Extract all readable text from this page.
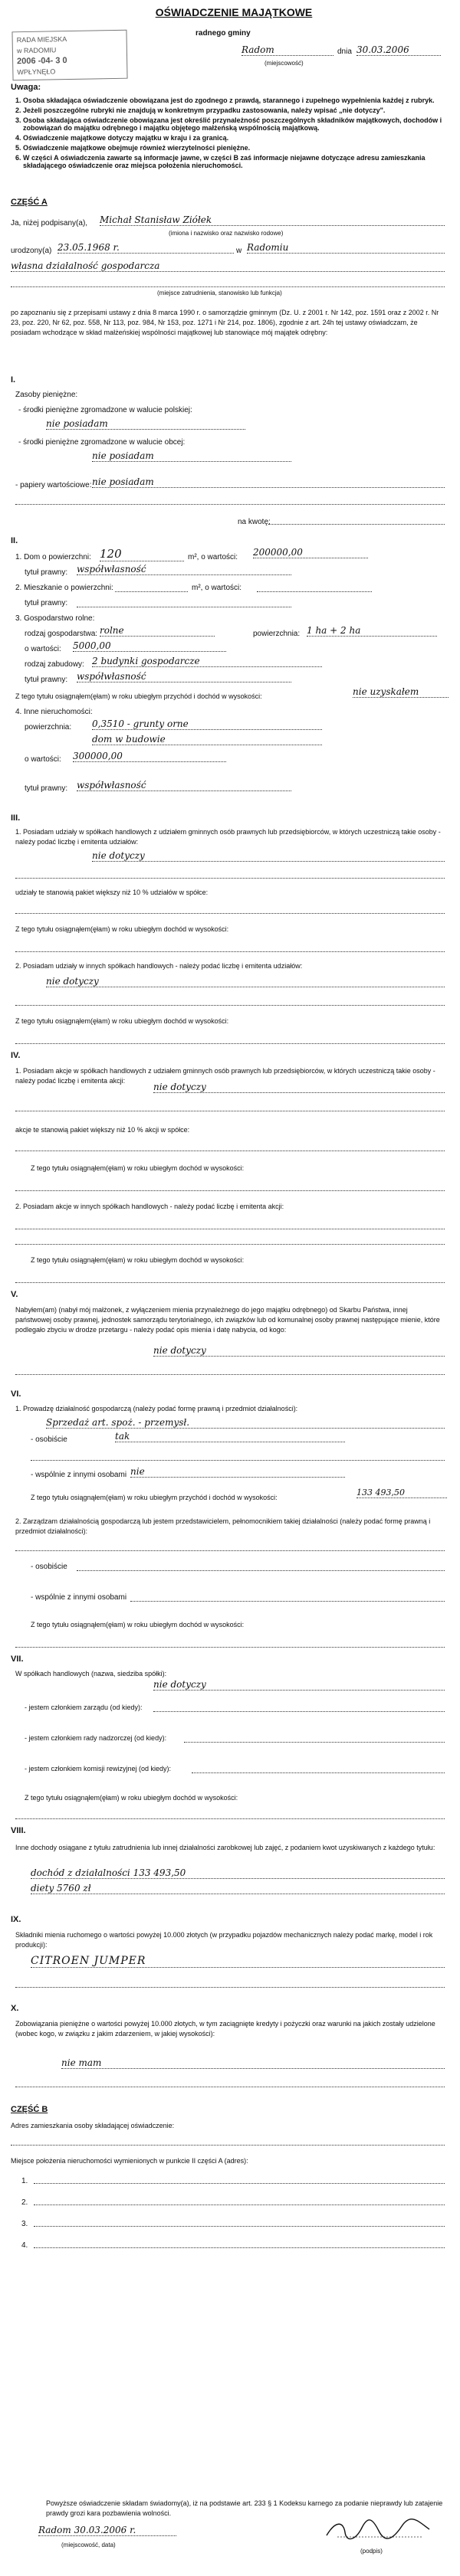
RADA MIEJSKA
w RADOMIU
2006 -04- 3 0
WPŁYNĘŁO
OŚWIADCZENIE MAJĄTKOWE
radnego gminy
Radom	dnia 30.03.2006
(miejscowość)
Uwaga:
1. Osoba składająca oświadczenie obowiązana jest do zgodnego z prawdą, starannego i zupełnego wypełnienia każdej z rubryk.
2. Jeżeli poszczególne rubryki nie znajdują w konkretnym przypadku zastosowania, należy wpisać „nie dotyczy".
3. Osoba składająca oświadczenie obowiązana jest określić przynależność poszczególnych składników majątkowych, dochodów i zobowiązań do majątku odrębnego i majątku objętego małżeńską wspólnością majątkową.
4. Oświadczenie majątkowe dotyczy majątku w kraju i za granicą.
5. Oświadczenie majątkowe obejmuje również wierzytelności pieniężne.
6. W części A oświadczenia zawarte są informacje jawne, w części B zaś informacje niejawne dotyczące adresu zamieszkania składającego oświadczenie oraz miejsca położenia nieruchomości.
CZĘŚĆ A
Ja, niżej podpisany(a), Michał Stanisław Ziółek
(imiona i nazwisko oraz nazwisko rodowe)
urodzony(a) 23.05.1968 r.	w Radomiu
własna działalność gospodarcza
(miejsce zatrudnienia, stanowisko lub funkcja)
po zapoznaniu się z przepisami ustawy z dnia 8 marca 1990 r. o samorządzie gminnym (Dz. U. z 2001 r. Nr 142, poz. 1591 oraz z 2002 r. Nr 23, poz. 220, Nr 62, poz. 558, Nr 113, poz. 984, Nr 153, poz. 1271 i Nr 214, poz. 1806), zgodnie z art. 24h tej ustawy oświadczam, że posiadam wchodzące w skład małżeńskiej wspólności majątkowej lub stanowiące mój majątek odrębny:
I.
Zasoby pieniężne:
- środki pieniężne zgromadzone w walucie polskiej:
nie posiadam
- środki pieniężne zgromadzone w walucie obcej:
nie posiadam
- papiery wartościowe: nie posiadam
na kwotę:
II.
1. Dom o powierzchni: 120	m², o wartości: 200000,00
tytuł prawny: współwłasność
2. Mieszkanie o powierzchni:	m², o wartości:
tytuł prawny:
3. Gospodarstwo rolne:
rodzaj gospodarstwa: rolne	powierzchnia: 1 ha + 2 ha
o wartości: 5000,00
rodzaj zabudowy: 2 budynki gospodarcze
tytuł prawny: współwłasność
Z tego tytułu osiągnąłem(ęłam) w roku ubiegłym przychód i dochód w wysokości:	nie uzyskałem
4. Inne nieruchomości:
powierzchnia: 0,3510 - grunty orne
dom w budowie
o wartości: 300000,00
tytuł prawny: współwłasność
III.
1. Posiadam udziały w spółkach handlowych z udziałem gminnych osób prawnych lub przedsiębiorców, w których uczestniczą takie osoby - należy podać liczbę i emitenta udziałów:
nie dotyczy
udziały te stanowią pakiet większy niż 10 % udziałów w spółce:
Z tego tytułu osiągnąłem(ęłam) w roku ubiegłym dochód w wysokości:
2. Posiadam udziały w innych spółkach handlowych - należy podać liczbę i emitenta udziałów:
nie dotyczy
Z tego tytułu osiągnąłem(ęłam) w roku ubiegłym dochód w wysokości:
IV.
1. Posiadam akcje w spółkach handlowych z udziałem gminnych osób prawnych lub przedsiębiorców, w których uczestniczą takie osoby - należy podać liczbę i emitenta akcji:
nie dotyczy
akcje te stanowią pakiet większy niż 10 % akcji w spółce:
Z tego tytułu osiągnąłem(ęłam) w roku ubiegłym dochód w wysokości:
2. Posiadam akcje w innych spółkach handlowych - należy podać liczbę i emitenta akcji:
Z tego tytułu osiągnąłem(ęłam) w roku ubiegłym dochód w wysokości:
V.
Nabyłem(am) (nabył mój małżonek, z wyłączeniem mienia przynależnego do jego majątku odrębnego) od Skarbu Państwa, innej państwowej osoby prawnej, jednostek samorządu terytorialnego, ich związków lub od komunalnej osoby prawnej następujące mienie, które podlegało zbyciu w drodze przetargu - należy podać opis mienia i datę nabycia, od kogo:
nie dotyczy
VI.
1. Prowadzę działalność gospodarczą (należy podać formę prawną i przedmiot działalności):
Sprzedaż art. spoż. - przemysł.
- osobiście	tak
- wspólnie z innymi osobami nie
Z tego tytułu osiągnąłem(ęłam) w roku ubiegłym przychód i dochód w wysokości:	133 493,50
2. Zarządzam działalnością gospodarczą lub jestem przedstawicielem, pełnomocnikiem takiej działalności (należy podać formę prawną i przedmiot działalności):
- osobiście
- wspólnie z innymi osobami
Z tego tytułu osiągnąłem(ęłam) w roku ubiegłym dochód w wysokości:
VII.
W spółkach handlowych (nazwa, siedziba spółki):
nie dotyczy
- jestem członkiem zarządu (od kiedy):
- jestem członkiem rady nadzorczej (od kiedy):
- jestem członkiem komisji rewizyjnej (od kiedy):
Z tego tytułu osiągnąłem(ęłam) w roku ubiegłym dochód w wysokości:
VIII.
Inne dochody osiągane z tytułu zatrudnienia lub innej działalności zarobkowej lub zajęć, z podaniem kwot uzyskiwanych z każdego tytułu:
dochód z działalności 133 493,50
diety 5760 zł
IX.
Składniki mienia ruchomego o wartości powyżej 10.000 złotych (w przypadku pojazdów mechanicznych należy podać markę, model i rok produkcji):
CITROEN JUMPER
X.
Zobowiązania pieniężne o wartości powyżej 10.000 złotych, w tym zaciągnięte kredyty i pożyczki oraz warunki na jakich zostały udzielone (wobec kogo, w związku z jakim zdarzeniem, w jakiej wysokości):
nie mam
CZĘŚĆ B
Adres zamieszkania osoby składającej oświadczenie:
Miejsce położenia nieruchomości wymienionych w punkcie II części A (adres):
1.
2.
3.
4.
Powyższe oświadczenie składam świadomy(a), iż na podstawie art. 233 § 1 Kodeksu karnego za podanie nieprawdy lub zatajenie prawdy grozi kara pozbawienia wolności.
Radom 30.03.2006 r.
(miejscowość, data)
(podpis)
